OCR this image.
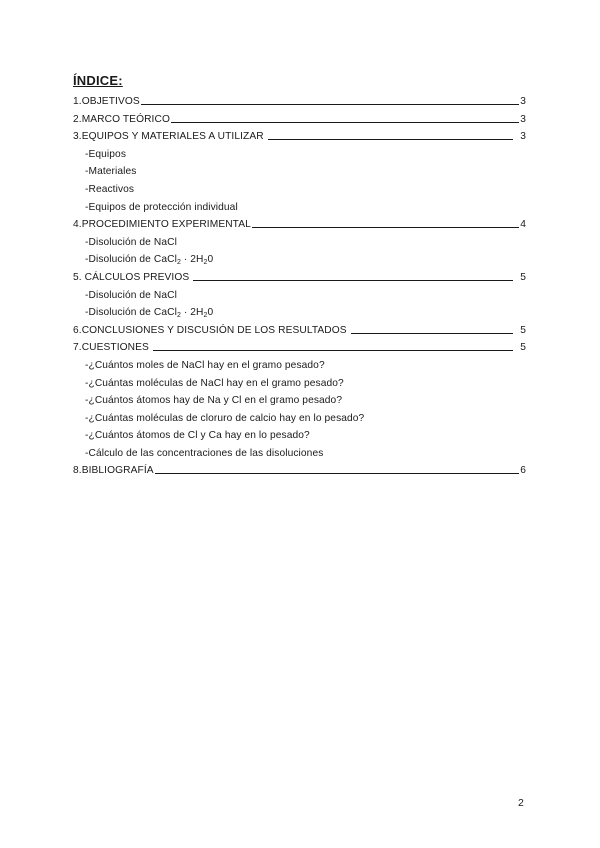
ÍNDICE:
1.OBJETIVOS	3
2.MARCO TEÓRICO	3
3.EQUIPOS Y MATERIALES A UTILIZAR	3
-Equipos
-Materiales
-Reactivos
-Equipos de protección individual
4.PROCEDIMIENTO EXPERIMENTAL	4
-Disolución de NaCl
-Disolución de CaCl2 · 2H20
5. CÁLCULOS PREVIOS	5
-Disolución de NaCl
-Disolución de CaCl2 · 2H20
6.CONCLUSIONES Y DISCUSIÓN DE LOS RESULTADOS	5
7.CUESTIONES	5
-¿Cuántos moles de NaCl hay en el gramo pesado?
-¿Cuántas moléculas de NaCl hay en el gramo pesado?
-¿Cuántos átomos hay de Na y Cl en el gramo pesado?
-¿Cuántas moléculas de cloruro de calcio hay en lo pesado?
-¿Cuántos átomos de Cl y Ca hay en lo pesado?
-Cálculo de las concentraciones de las disoluciones
8.BIBLIOGRAFÍA	6
2
